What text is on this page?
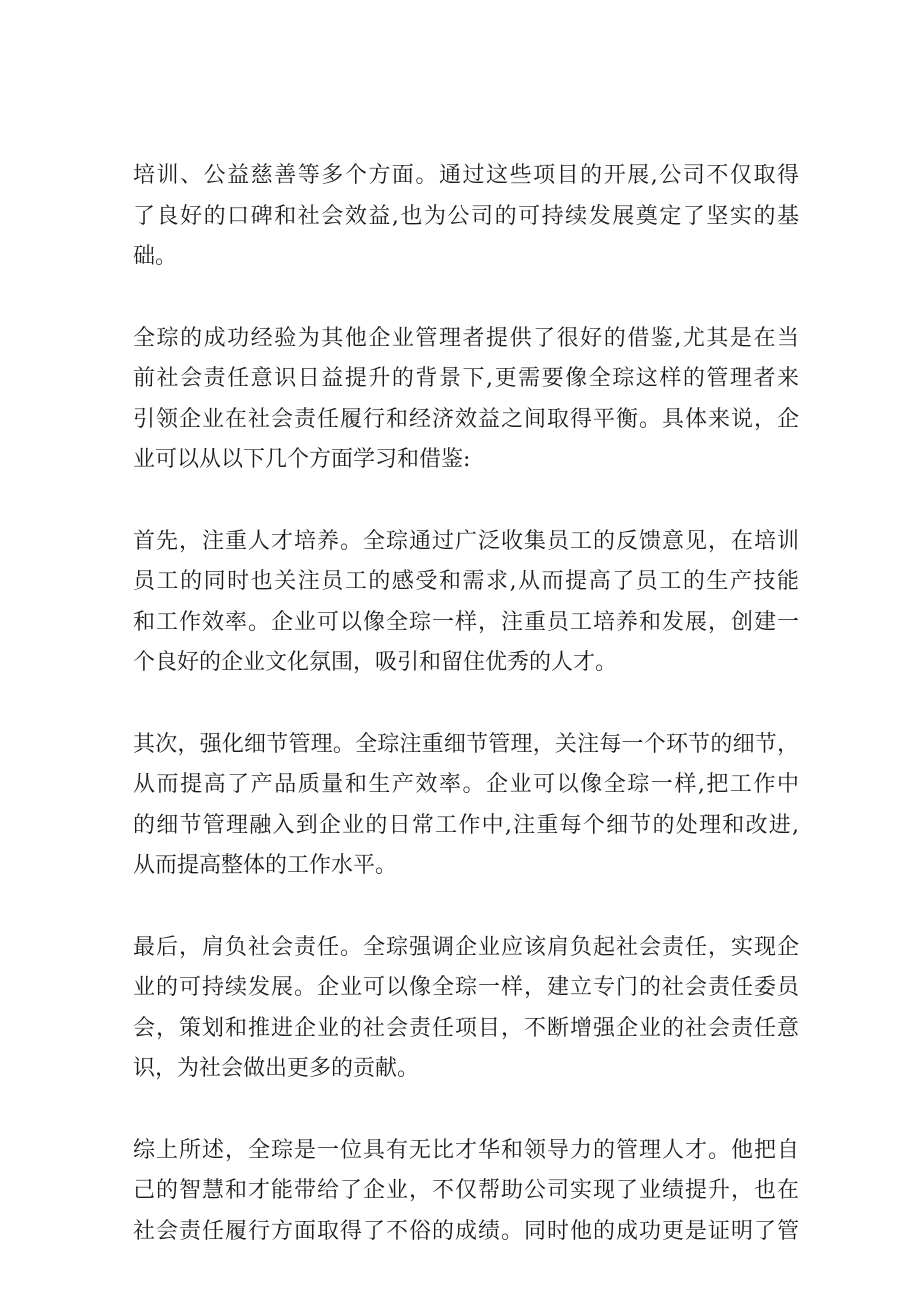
培训、公益慈善等多个方面。通过这些项目的开展,公司不仅取得
了良好的口碑和社会效益,也为公司的可持续发展奠定了坚实的基
础。

全琮的成功经验为其他企业管理者提供了很好的借鉴,尤其是在当
前社会责任意识日益提升的背景下,更需要像全琮这样的管理者来
引领企业在社会责任履行和经济效益之间取得平衡。具体来说，企
业可以从以下几个方面学习和借鉴:

首先，注重人才培养。全琮通过广泛收集员工的反馈意见，在培训
员工的同时也关注员工的感受和需求,从而提高了员工的生产技能
和工作效率。企业可以像全琮一样，注重员工培养和发展，创建一
个良好的企业文化氛围，吸引和留住优秀的人才。

其次，强化细节管理。全琮注重细节管理，关注每一个环节的细节，
从而提高了产品质量和生产效率。企业可以像全琮一样,把工作中
的细节管理融入到企业的日常工作中,注重每个细节的处理和改进,
从而提高整体的工作水平。

最后，肩负社会责任。全琮强调企业应该肩负起社会责任，实现企
业的可持续发展。企业可以像全琮一样，建立专门的社会责任委员
会，策划和推进企业的社会责任项目，不断增强企业的社会责任意
识，为社会做出更多的贡献。

综上所述，全琮是一位具有无比才华和领导力的管理人才。他把自
己的智慧和才能带给了企业，不仅帮助公司实现了业绩提升，也在
社会责任履行方面取得了不俗的成绩。同时他的成功更是证明了管
